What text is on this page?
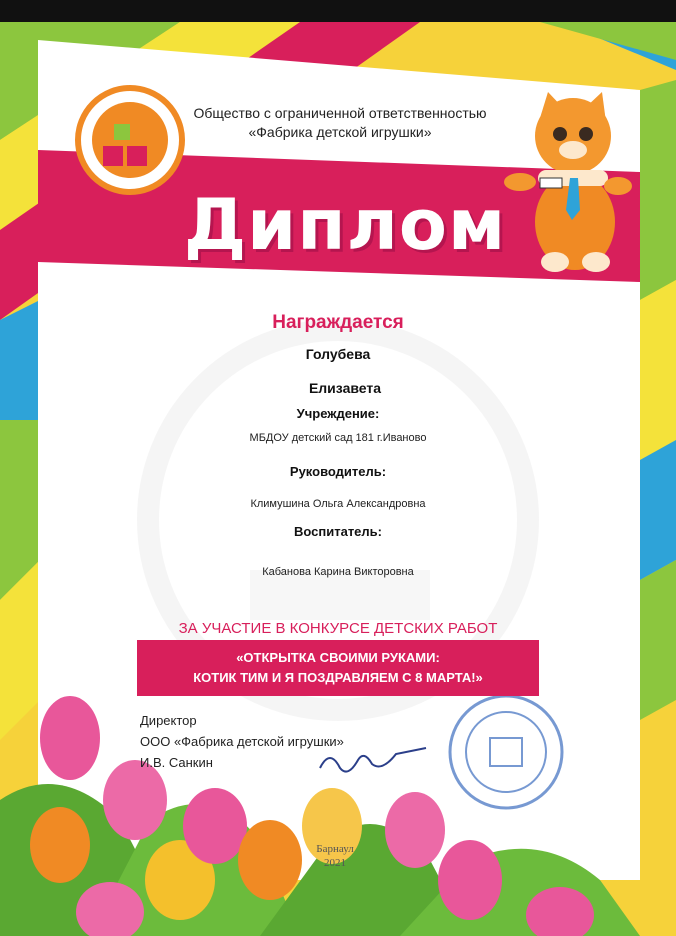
Общество с ограниченной ответственностью
«Фабрика детской игрушки»
Диплом
Награждается
Голубева
Елизавета
Учреждение:
МБДОУ детский сад 181 г.Иваново
Руководитель:
Климушина Ольга Александровна
Воспитатель:
Кабанова Карина Викторовна
ЗА УЧАСТИЕ В КОНКУРСЕ ДЕТСКИХ РАБОТ
«ОТКРЫТКА СВОИМИ РУКАМИ:
КОТИК ТИМ И Я ПОЗДРАВЛЯЕМ С 8 МАРТА!»
Директор
ООО «Фабрика детской игрушки»
И.В. Санкин
Барнаул
2021
